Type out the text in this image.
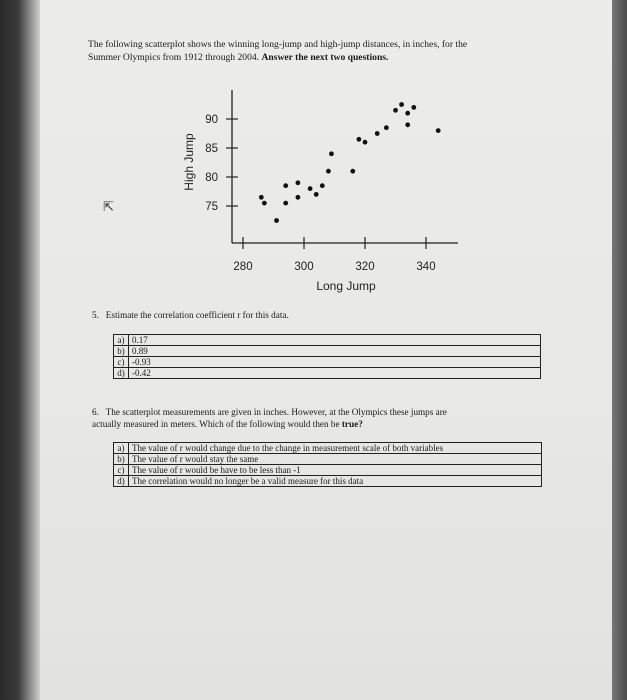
The following scatterplot shows the winning long-jump and high-jump distances, in inches, for the
Summer Olympics from 1912 through 2004. Answer the next two questions.
⇱
280	300	320	340
75
80
85
90
Long Jump
High Jump
5. Estimate the correlation coefficient r for this data.
a)	0.17
b)	0.89
c)	-0.93
d)	-0.42
6. The scatterplot measurements are given in inches. However, at the Olympics these jumps are
actually measured in meters. Which of the following would then be true?
a)	The value of r would change due to the change in measurement scale of both variables
b)	The value of r would stay the same
c)	The value of r would be have to be less than -1
d)	The correlation would no longer be a valid measure for this data
